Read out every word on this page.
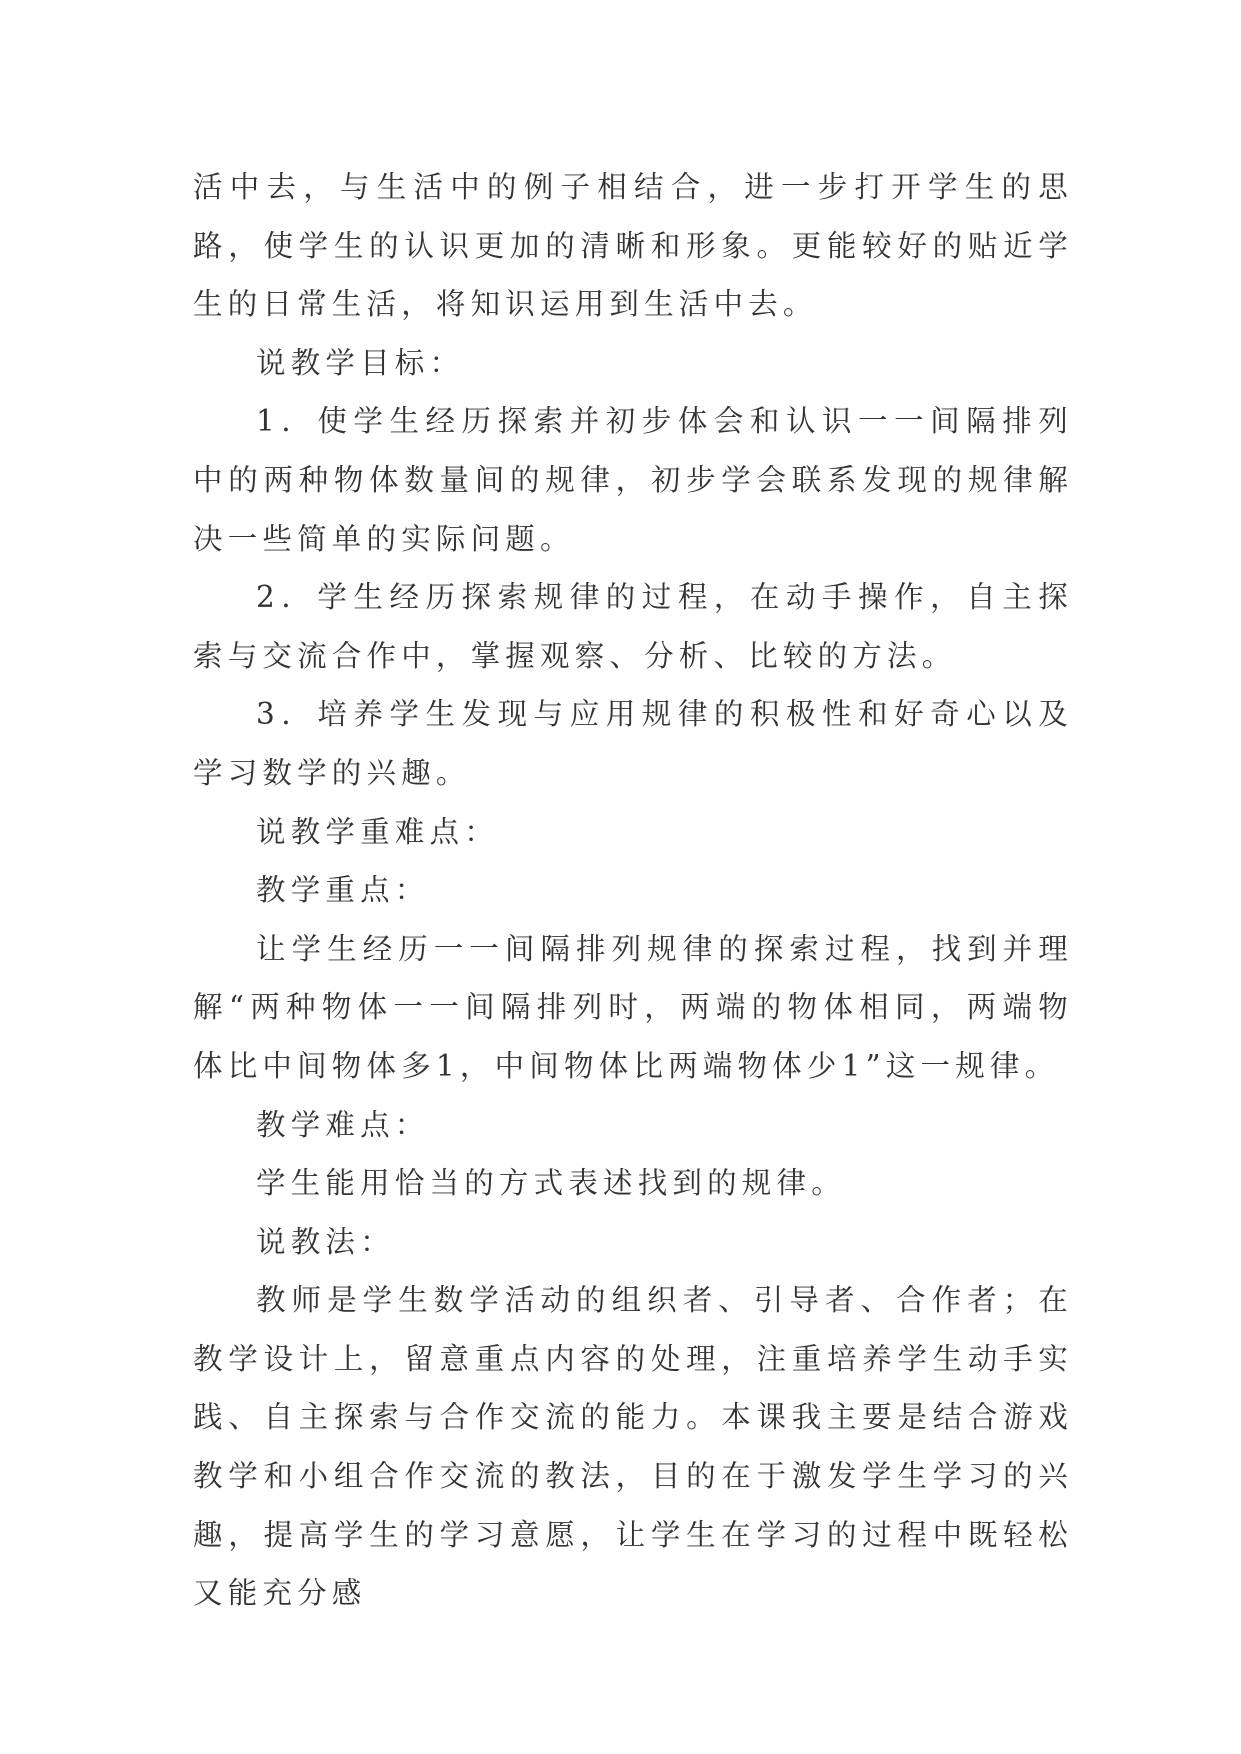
活中去，与生活中的例子相结合，进一步打开学生的思路，使学生的认识更加的清晰和形象。更能较好的贴近学生的日常生活，将知识运用到生活中去。

说教学目标：

1．使学生经历探索并初步体会和认识一一间隔排列中的两种物体数量间的规律，初步学会联系发现的规律解决一些简单的实际问题。

2．学生经历探索规律的过程，在动手操作，自主探索与交流合作中，掌握观察、分析、比较的方法。

3．培养学生发现与应用规律的积极性和好奇心以及学习数学的兴趣。

说教学重难点：

教学重点：

让学生经历一一间隔排列规律的探索过程，找到并理解“两种物体一一间隔排列时，两端的物体相同，两端物体比中间物体多1，中间物体比两端物体少1”这一规律。

教学难点：

学生能用恰当的方式表述找到的规律。

说教法：

教师是学生数学活动的组织者、引导者、合作者；在教学设计上，留意重点内容的处理，注重培养学生动手实践、自主探索与合作交流的能力。本课我主要是结合游戏教学和小组合作交流的教法，目的在于激发学生学习的兴趣，提高学生的学习意愿，让学生在学习的过程中既轻松又能充分感
